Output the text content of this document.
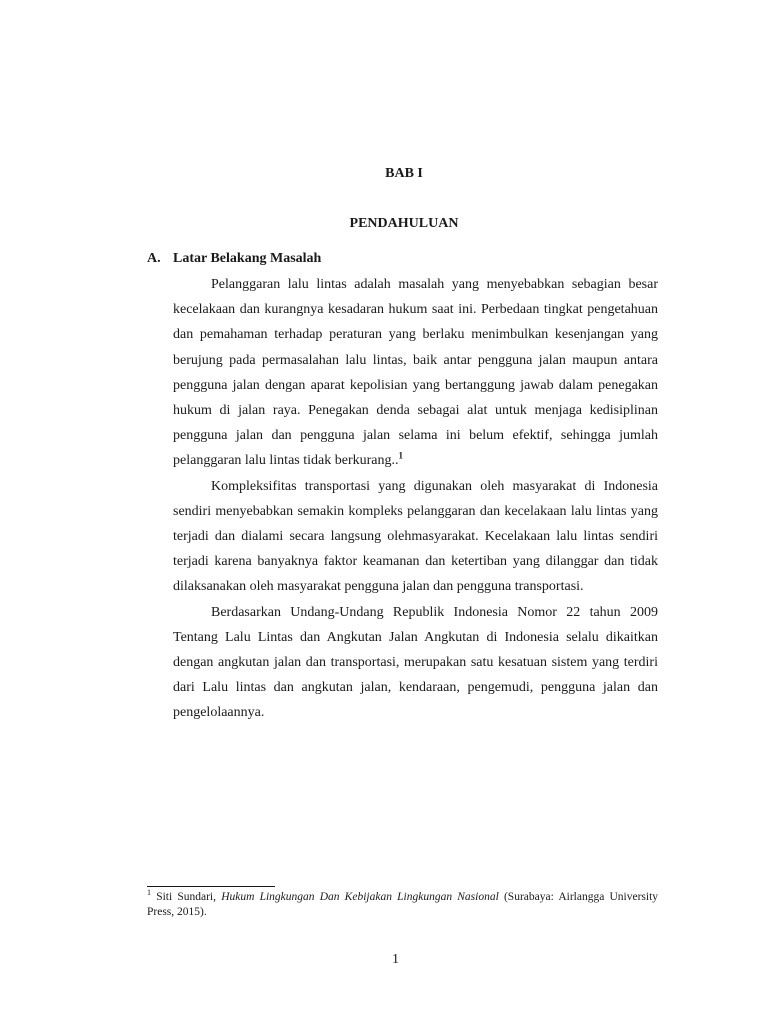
BAB I
PENDAHULUAN
A. Latar Belakang Masalah

Pelanggaran lalu lintas adalah masalah yang menyebabkan sebagian besar kecelakaan dan kurangnya kesadaran hukum saat ini. Perbedaan tingkat pengetahuan dan pemahaman terhadap peraturan yang berlaku menimbulkan kesenjangan yang berujung pada permasalahan lalu lintas, baik antar pengguna jalan maupun antara pengguna jalan dengan aparat kepolisian yang bertanggung jawab dalam penegakan hukum di jalan raya. Penegakan denda sebagai alat untuk menjaga kedisiplinan pengguna jalan dan pengguna jalan selama ini belum efektif, sehingga jumlah pelanggaran lalu lintas tidak berkurang..$^1$

Kompleksifitas transportasi yang digunakan oleh masyarakat di Indonesia sendiri menyebabkan semakin kompleks pelanggaran dan kecelakaan lalu lintas yang terjadi dan dialami secara langsung olehmasyarakat. Kecelakaan lalu lintas sendiri terjadi karena banyaknya faktor keamanan dan ketertiban yang dilanggar dan tidak dilaksanakan oleh masyarakat pengguna jalan dan pengguna transportasi.

Berdasarkan Undang-Undang Republik Indonesia Nomor 22 tahun 2009 Tentang Lalu Lintas dan Angkutan Jalan Angkutan di Indonesia selalu dikaitkan dengan angkutan jalan dan transportasi, merupakan satu kesatuan sistem yang terdiri dari Lalu lintas dan angkutan jalan, kendaraan, pengemudi, pengguna jalan dan pengelolaannya.

$^1$ Siti Sundari, Hukum Lingkungan Dan Kebijakan Lingkungan Nasional (Surabaya: Airlangga University Press, 2015).
1
